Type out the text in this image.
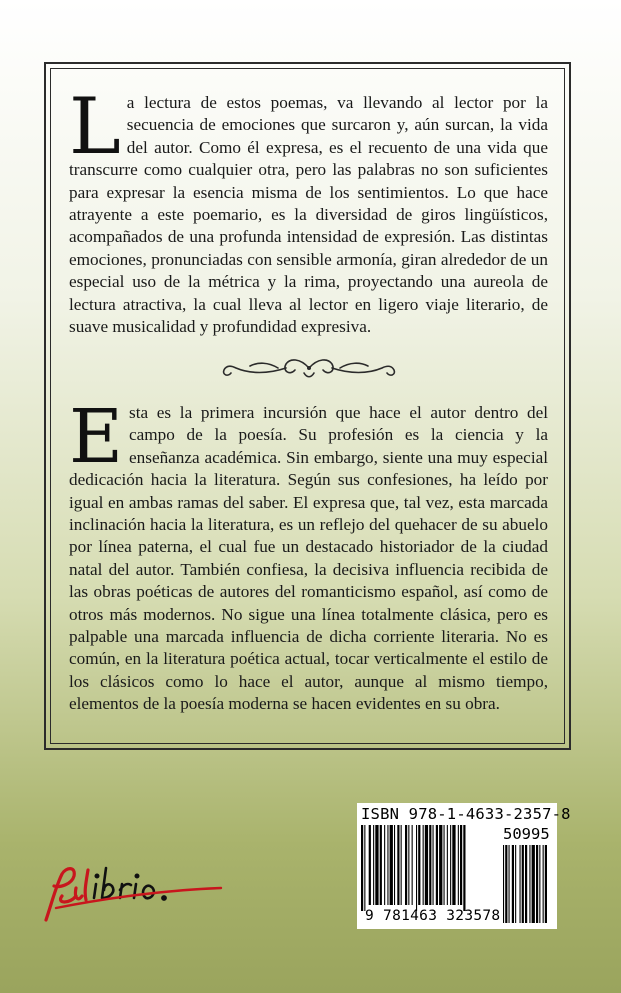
La lectura de estos poemas, va llevando al lector por la secuencia de emociones que surcaron y, aún surcan, la vida del autor. Como él expresa, es el recuento de una vida que transcurre como cualquier otra, pero las palabras no son suficientes para expresar la esencia misma de los sentimientos. Lo que hace atrayente a este poemario, es la diversidad de giros lingüísticos, acompañados de una profunda intensidad de expresión. Las distintas emociones, pronunciadas con sensible armonía, giran alrededor de un especial uso de la métrica y la rima, proyectando una aureola de lectura atractiva, la cual lleva al lector en ligero viaje literario, de suave musicalidad y profundidad expresiva.

Esta es la primera incursión que hace el autor dentro del campo de la poesía. Su profesión es la ciencia y la enseñanza académica. Sin embargo, siente una muy especial dedicación hacia la literatura. Según sus confesiones, ha leído por igual en ambas ramas del saber. El expresa que, tal vez, esta marcada inclinación hacia la literatura, es un reflejo del quehacer de su abuelo por línea paterna, el cual fue un destacado historiador de la ciudad natal del autor. También confiesa, la decisiva influencia recibida de las obras poéticas de autores del romanticismo español, así como de otros más modernos. No sigue una línea totalmente clásica, pero es palpable una marcada influencia de dicha corriente literaria. No es común, en la literatura poética actual, tocar verticalmente el estilo de los clásicos como lo hace el autor, aunque al mismo tiempo, elementos de la poesía moderna se hacen evidentes en su obra.

ISBN 978-1-4633-2357-8
50995
9 781463 323578
